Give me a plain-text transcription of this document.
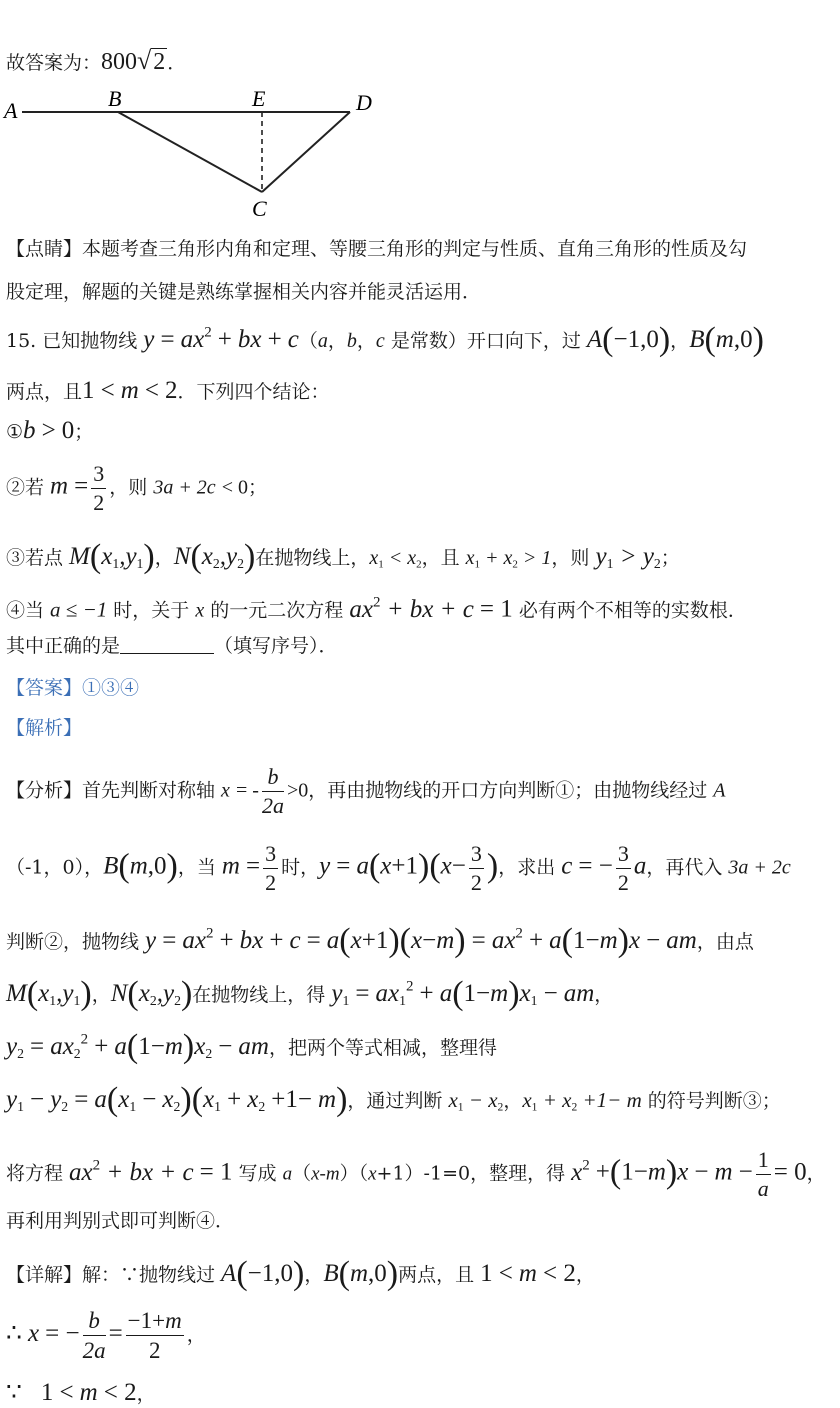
故答案为：800√2 ．
A	B	E	D
C
【点睛】本题考查三角形内角和定理、等腰三角形的判定与性质、直角三角形的性质及勾
股定理，解题的关键是熟练掌握相关内容并能灵活运用．
15. 已知抛物线 $y = ax^2$ + bx + c（a，b，c 是常数）开口向下，过 A(−1,0)，B(m,0)
两点，且1 < m < 2．下列四个结论：
①b > 0；
②若 $m = \frac{3}{2}$ ，则 3a + 2c < 0；
③若点 $M(x_1,y_1)$，$N(x_2,y_2)$在抛物线上，$x_1 < x_2$，且 $x_1 + x_2 > 1$，则 $y_1 > y_2$；
④当 a ≤ −1 时，关于 x 的一元二次方程 $ax^2$ + bx + c = 1 必有两个不相等的实数根．
其中正确的是	（填写序号）．
【答案】①③④
【解析】
【分析】首先判断对称轴 x = - $\frac{b}{2a} >0$，再由抛物线的开口方向判断①；由抛物线经过 A
（-1，0），B(m,0)，当 $m = \frac{3}{2}$ 时，$y = a(x+1)(x- \frac{3}{2}$ )，求出 c = − $\frac{3}{2}$ a，再代入 3a + 2c
判断②，抛物线 $y = ax^2$ + bx + $c = a(x+1)(x-m) = ax^2 + a(1-m)x$ − am，由点
$M(x_1,y_1)$，$N(x_2,y_2)$在抛物线上，得 $y_1 = ax_1^2 + a(1-m)x_1$ − am，
$y_2 = ax_2^2 + a(1-m)x_2$ − am，把两个等式相减，整理得
$y_1 - y_2 = a(x_1 - x_2)(x_1 + x_2 +1- m)$，通过判断 $x_1 - x_2$，$x_1 + x_2 +1- m$ 的符号判断③；
将方程 $ax^2$ + bx + c = 1 写成 a（x-m）（x+1）-1=0，整理，得 $x^2 +(1-m)x - m - \frac{1}{a} = 0$，
再利用判别式即可判断④．
【详解】解：∵抛物线过 A(−1,0)，B(m,0)两点，且 1 < m < 2，
∴ x = − $\frac{b}{2a} = \frac{-1+m}{2}$ ，
∵　 1 < m < 2，
